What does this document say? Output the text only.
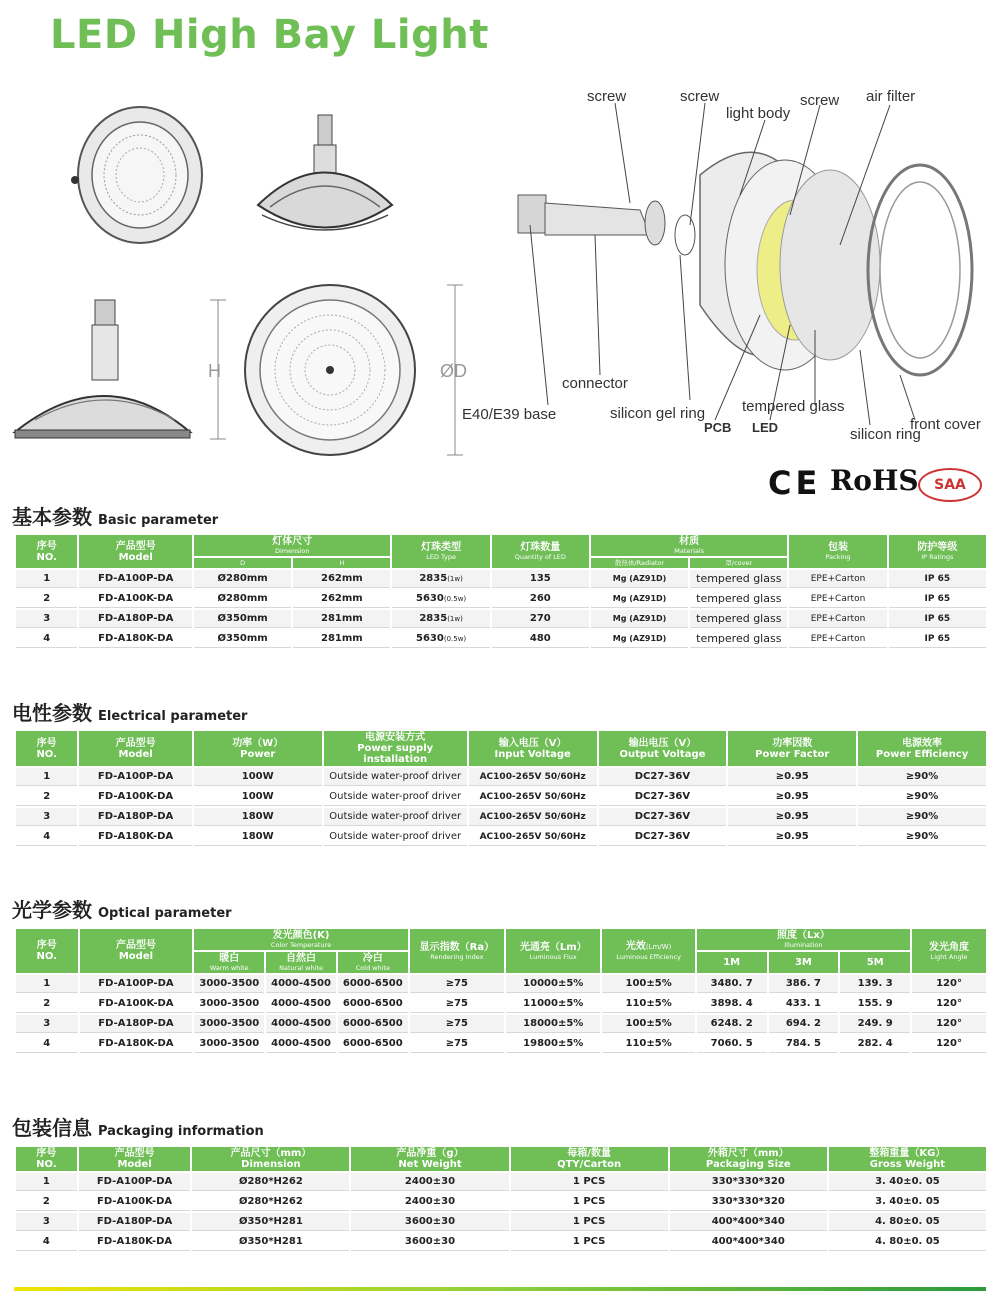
LED High Bay Light
H	ØD
screw	screw
light body
screw air filter
connector
E40/E39 base	silicon gel ring
PCB LED
tempered glass
silicon ring
front cover
CE RoHS SAA
基本参数 Basic parameter
序号
NO.	产品型号
Model	灯体尺寸
Dimension		灯珠类型
LED Type	灯珠数量
Quantity of LED	材质
Materials		包装
Packing	防护等级
IP Ratings

		D	H			散热体/Radiator	罩/cover		

1	FD-A100P-DA	Ø280mm	262mm	2835(1w)	135	Mg (AZ91D)	tempered glass	EPE+Carton	IP 65
2	FD-A100K-DA	Ø280mm	262mm	5630(0.5w)	260	Mg (AZ91D)	tempered glass	EPE+Carton	IP 65
3	FD-A180P-DA	Ø350mm	281mm	2835(1w)	270	Mg (AZ91D)	tempered glass	EPE+Carton	IP 65
4	FD-A180K-DA	Ø350mm	281mm	5630(0.5w)	480	Mg (AZ91D)	tempered glass	EPE+Carton	IP 65
电性参数 Electrical parameter
序号
NO.	产品型号
Model	功率（W）
Power	电源安装方式
Power supply installation	输入电压（V）
Input Voltage	输出电压（V）
Output Voltage	功率因数
Power Factor	电源效率
Power Efficiency
1	FD-A100P-DA	100W	Outside water-proof driver	AC100-265V 50/60Hz	DC27-36V	≥0.95	≥90%
2	FD-A100K-DA	100W	Outside water-proof driver	AC100-265V 50/60Hz	DC27-36V	≥0.95	≥90%
3	FD-A180P-DA	180W	Outside water-proof driver	AC100-265V 50/60Hz	DC27-36V	≥0.95	≥90%
4	FD-A180K-DA	180W	Outside water-proof driver	AC100-265V 50/60Hz	DC27-36V	≥0.95	≥90%
光学参数 Optical parameter
序号
NO.	产品型号
Model	发光颜色(K)
Color Temperature			显示指数（Ra）
Rendering Index	光通亮（Lm）
Luminous Flux	光效(Lm/W)
Luminous Efficiency	照度（Lx）
Illumination			发光角度
Light Angle

		暖白
Warm white	自然白
Natural white	冷白
Cold white				1M	3M	5M	
1	FD-A100P-DA	3000-3500	4000-4500	6000-6500	≥75	10000±5%	100±5%	3480. 7	386. 7	139. 3	120°
2	FD-A100K-DA	3000-3500	4000-4500	6000-6500	≥75	11000±5%	110±5%	3898. 4	433. 1	155. 9	120°
3	FD-A180P-DA	3000-3500	4000-4500	6000-6500	≥75	18000±5%	100±5%	6248. 2	694. 2	249. 9	120°
4	FD-A180K-DA	3000-3500	4000-4500	6000-6500	≥75	19800±5%	110±5%	7060. 5	784. 5	282. 4	120°
包装信息 Packaging information
序号
NO.	产品型号
Model	产品尺寸（mm）
Dimension	产品净重（g）
Net Weight	每箱/数量
QTY/Carton	外箱尺寸（mm）
Packaging Size	整箱重量（KG）
Gross Weight
1	FD-A100P-DA	Ø280*H262	2400±30	1 PCS	330*330*320	3. 40±0. 05
2	FD-A100K-DA	Ø280*H262	2400±30	1 PCS	330*330*320	3. 40±0. 05
3	FD-A180P-DA	Ø350*H281	3600±30	1 PCS	400*400*340	4. 80±0. 05
4	FD-A180K-DA	Ø350*H281	3600±30	1 PCS	400*400*340	4. 80±0. 05
